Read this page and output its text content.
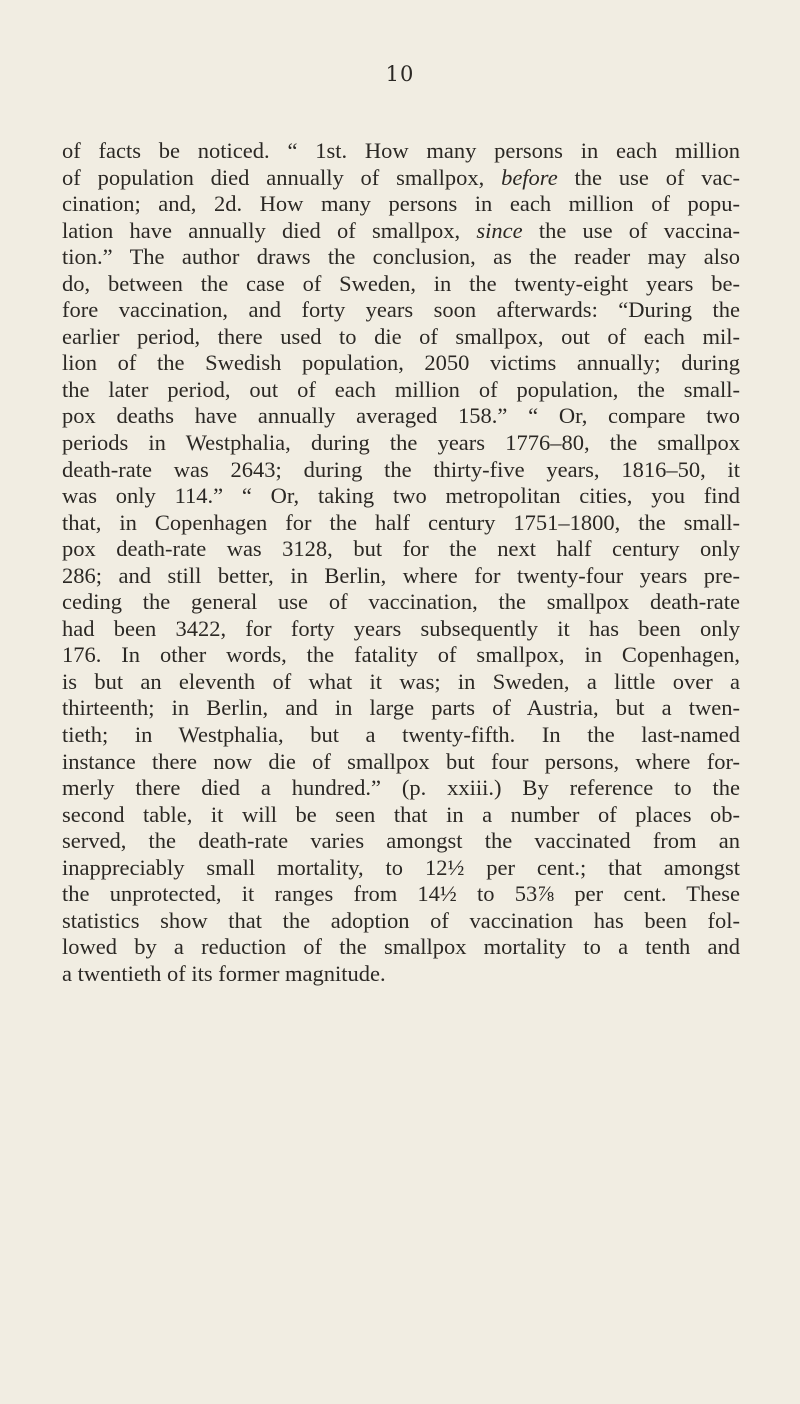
10
of facts be noticed. “ 1st. How many persons in each million
of population died annually of smallpox, before the use of vac-
cination; and, 2d. How many persons in each million of popu-
lation have annually died of smallpox, since the use of vaccina-
tion.” The author draws the conclusion, as the reader may also
do, between the case of Sweden, in the twenty-eight years be-
fore vaccination, and forty years soon afterwards: “During the
earlier period, there used to die of smallpox, out of each mil-
lion of the Swedish population, 2050 victims annually; during
the later period, out of each million of population, the small-
pox deaths have annually averaged 158.” “ Or, compare two
periods in Westphalia, during the years 1776–80, the smallpox
death-rate was 2643; during the thirty-five years, 1816–50, it
was only 114.” “ Or, taking two metropolitan cities, you find
that, in Copenhagen for the half century 1751–1800, the small-
pox death-rate was 3128, but for the next half century only
286; and still better, in Berlin, where for twenty-four years pre-
ceding the general use of vaccination, the smallpox death-rate
had been 3422, for forty years subsequently it has been only
176. In other words, the fatality of smallpox, in Copenhagen,
is but an eleventh of what it was; in Sweden, a little over a
thirteenth; in Berlin, and in large parts of Austria, but a twen-
tieth; in Westphalia, but a twenty-fifth. In the last-named
instance there now die of smallpox but four persons, where for-
merly there died a hundred.” (p. xxiii.) By reference to the
second table, it will be seen that in a number of places ob-
served, the death-rate varies amongst the vaccinated from an
inappreciably small mortality, to 12½ per cent.; that amongst
the unprotected, it ranges from 14½ to 53⅞ per cent. These
statistics show that the adoption of vaccination has been fol-
lowed by a reduction of the smallpox mortality to a tenth and
a twentieth of its former magnitude.
